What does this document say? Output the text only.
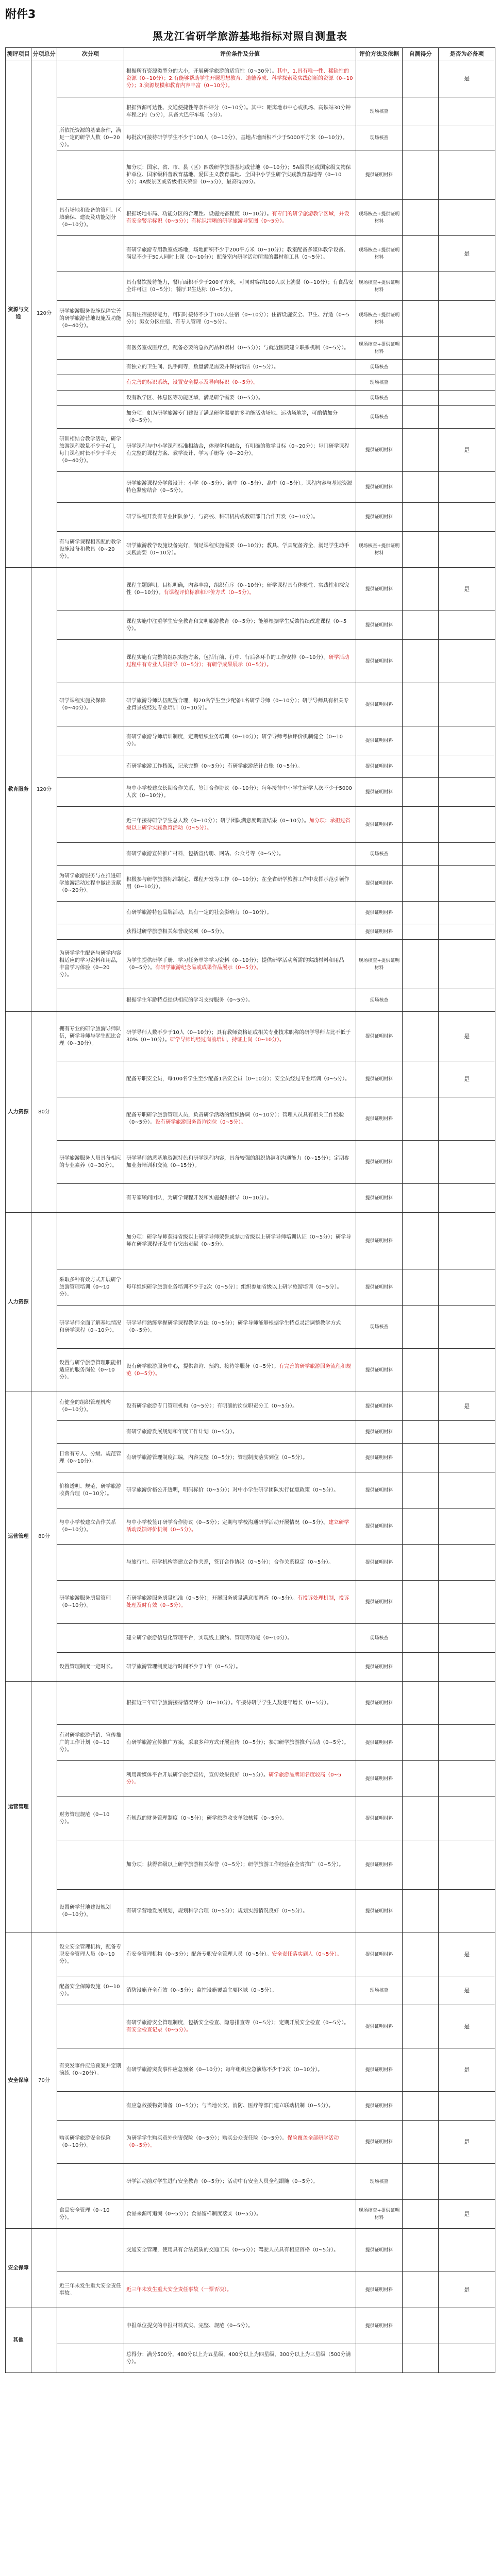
附件3
黑龙江省研学旅游基地指标对照自测量表
测评项目	分项总分	次分项	评价条件及分值	评价方法及依据	自测得分	是否为必备项
资源与交通	120分		根据所有资源类型分的大小，开展研学旅游的适宜性（0~30分）。其中，1.具有唯一性、稀缺性的资源（0~10分）；2.有能够帮助学生开展思想教育、道德养成、科学探索及实践创新的资源（0~10分）；3.资源规模和教育内容丰富（0~10分）。			是
			根据资源可达性、交通便捷性等条件评分（0~10分）。其中：距离地市中心或机场、高铁站30分钟车程之内（5分），具备大巴停车场（5分）。	现场核查		
		所依托资源的基础条件，满足一定的研学人数（0~20分）。	每批次可接待研学学生不少于100人（0~10分），基地占地面积不少于5000平方米（0~10分）。	现场核查		
			加分项：国家、省、市、县（区）四级研学旅游基地或营地（0~10分）；5A级景区或国家级文物保护单位、国家级科普教育基地、爱国主义教育基地、全国中小学生研学实践教育基地等（0~10分）；4A级景区或省级相关荣誉（0~5分），最高得20分。	提供证明材料		
		具有场地和设备的管理、区域确保、建设及功能划分（0~10分）。	根据场地布局、功能分区的合理性、设施完备程度（0~10分）。有专门的研学旅游教学区域，并设有安全警示标识（0~5分）；有标识清晰的研学旅游导览图（0~5分）。	现场核查+提供证明材料		
			有研学旅游专用教室或场地，场地面积不少于200平方米（0~10分）；教室配备多媒体教学设备、满足不少于50人同时上课（0~10分）；配备室内研学活动所需的器材和工具（0~5分）。	现场核查+提供证明材料		是
			具有餐饮接待能力，餐厅面积不少于200平方米，可同时容纳100人以上就餐（0~10分）；有食品安全许可证（0~5分）；餐厅卫生达标（0~5分）。	现场核查+提供证明材料		
		研学旅游服务设施保障完善的研学旅游营地设施及功能（0~40分）。	具有住宿接待能力，可同时接待不少于100人住宿（0~10分）；住宿设施安全、卫生、舒适（0~5分）；男女分区住宿、有专人管理（0~5分）。	现场核查+提供证明材料		
			有医务室或医疗点，配备必要的急救药品和器材（0~5分）；与就近医院建立联系机制（0~5分）。	现场核查+提供证明材料		
			有独立的卫生间、洗手间等，数量满足需要并保持清洁（0~5分）。	现场核查		
			有完善的标识系统，设置安全提示及导向标识（0~5分）。	现场核查		
			设有教学区、休息区等功能区域，满足研学需要（0~5分）。	现场核查		
			加分项：如为研学旅游专门建设了满足研学需要的多功能活动场地、运动场地等，可酌情加分（0~5分）。	现场核查		
		研训相结合教学活动，研学旅游课程数量不少于4门，每门课程时长不少于半天（0~40分）。	研学课程与中小学课程标准相结合，体现学科融合，有明确的教学目标（0~20分）；每门研学课程有完整的课程方案、教学设计、学习手册等（0~20分）。	提供证明材料		是
			研学旅游课程分学段设计：小学（0~5分）、初中（0~5分）、高中（0~5分）。课程内容与基地资源特色紧密结合（0~5分）。	提供证明材料		
			研学课程开发有专业团队参与，与高校、科研机构或教研部门合作开发（0~10分）。	提供证明材料		
		有与研学课程相匹配的教学设施设备和教具（0~20分）。	研学旅游教学设施设备完好，满足课程实施需要（0~10分）；教具、学具配备齐全，满足学生动手实践需要（0~10分）。	现场核查+提供证明材料		
教育服务	120分		课程主题鲜明，目标明确，内容丰富，组织有序（0~10分）；研学课程具有体验性、实践性和探究性（0~10分）。有课程评价标准和评价方式（0~5分）。	提供证明材料		是
			课程实施中注重学生安全教育和文明旅游教育（0~5分）；能够根据学生反馈持续改进课程（0~5分）。	提供证明材料		
			课程实施有完整的组织实施方案，包括行前、行中、行后各环节的工作安排（0~10分）。研学活动过程中有专业人员指导（0~5分）；有研学成果展示（0~5分）。	提供证明材料		
		研学课程实施及保障（0~40分）。	研学旅游导师队伍配置合理，每20名学生至少配备1名研学导师（0~10分）；研学导师具有相关专业背景或经过专业培训（0~10分）。	提供证明材料		
			有研学旅游导师培训制度，定期组织业务培训（0~10分）；研学导师考核评价机制健全（0~10分）。	提供证明材料		
			有研学旅游工作档案，记录完整（0~5分）；有研学旅游统计台账（0~5分）。	提供证明材料		
			与中小学校建立长期合作关系，签订合作协议（0~10分）；每年接待中小学生研学人次不少于5000人次（0~10分）。	提供证明材料		
			近三年接待研学学生总人数（0~10分）；研学团队满意度调查结果（0~10分）。加分项：承担过省级以上研学实践教育活动（0~5分）。	提供证明材料		
			有研学旅游宣传推广材料，包括宣传册、网站、公众号等（0~5分）。	现场核查		
		为研学旅游服务与在推进研学旅游活动过程中做出贡献（0~20分）。	积极参与研学旅游标准制定、课程开发等工作（0~10分）；在全省研学旅游工作中发挥示范引领作用（0~10分）。	提供证明材料		
			有研学旅游特色品牌活动，具有一定的社会影响力（0~10分）。	提供证明材料		
			获得过研学旅游相关荣誉或奖项（0~5分）。	提供证明材料		
		为研学学生配备与研学内容相适应的学习资料和用品，丰富学习体验（0~20分）。	为学生提供研学手册、学习任务单等学习资料（0~10分）；提供研学活动所需的实践材料和用品（0~5分）。有研学旅游纪念品或成果作品展示（0~5分）。	现场核查+提供证明材料		
			根据学生年龄特点提供相应的学习支持服务（0~5分）。	现场核查		
人力资源	80分	拥有专业的研学旅游导师队伍，研学导师与学生配比合理（0~30分）。	研学导师人数不少于10人（0~10分）；具有教师资格证或相关专业技术职称的研学导师占比不低于30%（0~10分）。研学导师均经过岗前培训，持证上岗（0~10分）。	提供证明材料		是
			配备专职安全员，每100名学生至少配备1名安全员（0~10分）；安全员经过专业培训（0~5分）。	提供证明材料		是
			配备专职研学旅游管理人员，负责研学活动的组织协调（0~10分）；管理人员具有相关工作经验（0~5分）。设有研学旅游服务咨询岗位（0~5分）。	提供证明材料		
		研学旅游服务人员具备相应的专业素养（0~30分）。	研学导师熟悉基地资源特色和研学课程内容，具备较强的组织协调和沟通能力（0~15分）；定期参加业务培训和交流（0~15分）。	提供证明材料		
			有专家顾问团队，为研学课程开发和实施提供指导（0~10分）。	提供证明材料		
人力资源			加分项：研学导师获得省级以上研学导师荣誉或参加省级以上研学导师培训认证（0~5分）；研学导师在研学课程开发中有突出贡献（0~5分）。	提供证明材料		
		采取多种有效方式开展研学旅游管理培训（0~10分）。	每年组织研学旅游业务培训不少于2次（0~5分）；组织参加省级以上研学旅游培训（0~5分）。	提供证明材料		
		研学导师全面了解基地情况和研学课程（0~10分）。	研学导师熟练掌握研学课程教学方法（0~5分）；研学导师能够根据学生特点灵活调整教学方式（0~5分）。	现场核查		
		设置与研学旅游管理职能相适应的服务岗位（0~10分）。	设有研学旅游服务中心，提供咨询、预约、接待等服务（0~5分）。有完善的研学旅游服务流程和规范（0~5分）。	提供证明材料		
运营管理	80分	有健全的组织管理机构（0~10分）。	设有研学旅游专门管理机构（0~5分）；有明确的岗位职责分工（0~5分）。	提供证明材料		是
			有研学旅游发展规划和年度工作计划（0~5分）。	提供证明材料		
		日常有专人、分级、规范管理（0~10分）。	有研学旅游管理制度汇编，内容完整（0~5分）；管理制度落实到位（0~5分）。	提供证明材料		
		价格透明、规范，研学旅游收费合理（0~10分）。	研学旅游价格公开透明，明码标价（0~5分）；对中小学生研学团队实行优惠政策（0~5分）。	提供证明材料		
		与中小学校建立合作关系（0~10分）。	与中小学校签订研学合作协议（0~5分）；定期与学校沟通研学活动开展情况（0~5分）。建立研学活动反馈评价机制（0~5分）。	提供证明材料		
			与旅行社、研学机构等建立合作关系，签订合作协议（0~5分）；合作关系稳定（0~5分）。	提供证明材料		
		研学旅游服务质量管理（0~10分）。	有研学旅游服务质量标准（0~5分）；开展服务质量满意度调查（0~5分）。有投诉处理机制，投诉处理及时有效（0~5分）。	提供证明材料		
			建立研学旅游信息化管理平台，实现线上预约、管理等功能（0~10分）。	现场核查		
		设置管理制度一定时长。	研学旅游管理制度运行时间不少于1年（0~5分）。	提供证明材料		
运营管理			根据近三年研学旅游接待情况评分（0~10分）。年接待研学学生人数逐年增长（0~5分）。	提供证明材料		
		有对研学旅游营销、宣传推广的工作计划（0~10分）。	有研学旅游宣传推广方案，采取多种方式开展宣传（0~5分）；参加研学旅游推介活动（0~5分）。	提供证明材料		
			利用新媒体平台开展研学旅游宣传，宣传效果良好（0~5分）。研学旅游品牌知名度较高（0~5分）。	提供证明材料		
		财务管理规范（0~10分）。	有规范的财务管理制度（0~5分）；研学旅游收支单独核算（0~5分）。	提供证明材料		
			加分项：获得省级以上研学旅游相关荣誉（0~5分）；研学旅游工作经验在全省推广（0~5分）。	提供证明材料		
		设置研学营地建设规划（0~10分）。	有研学营地发展规划，规划科学合理（0~5分）；规划实施情况良好（0~5分）。	提供证明材料		
安全保障	70分	设立安全管理机构，配备专职安全管理人员（0~10分）。	有安全管理机构（0~5分）；配备专职安全管理人员（0~5分）。安全责任落实到人（0~5分）。	提供证明材料		是
		配备安全保障设施（0~10分）。	消防设施齐全有效（0~5分）；监控设施覆盖主要区域（0~5分）。	现场核查		是
			有研学旅游安全管理制度，包括安全检查、隐患排查等（0~5分）；定期开展安全检查（0~5分）。有安全检查记录（0~5分）。	提供证明材料		是
		有突发事件应急预案并定期演练（0~20分）。	有研学旅游突发事件应急预案（0~10分）；每年组织应急演练不少于2次（0~10分）。	提供证明材料		是
			有应急救援物资储备（0~5分）；与当地公安、消防、医疗等部门建立联动机制（0~5分）。	提供证明材料		
		购买研学旅游安全保险（0~10分）。	为研学学生购买意外伤害保险（0~5分）；购买公众责任险（0~5分）。保险覆盖全部研学活动（0~5分）。	提供证明材料		是
			研学活动前对学生进行安全教育（0~5分）；活动中有安全人员全程跟随（0~5分）。	现场核查		
		食品安全管理（0~10分）。	食品来源可追溯（0~5分）；食品留样制度落实（0~5分）。	现场核查+提供证明材料		是
安全保障			交通安全管理，使用具有合法资质的交通工具（0~5分）；驾驶人员具有相应资格（0~5分）。	提供证明材料		
		近三年未发生重大安全责任事故。	近三年未发生重大安全责任事故（一票否决）。	提供证明材料		是
其他			申报单位提交的申报材料真实、完整、规范（0~5分）。	提供证明材料		
			总得分：满分500分，480分以上为五星级，400分以上为四星级，300分以上为三星级（500分满分）。			
